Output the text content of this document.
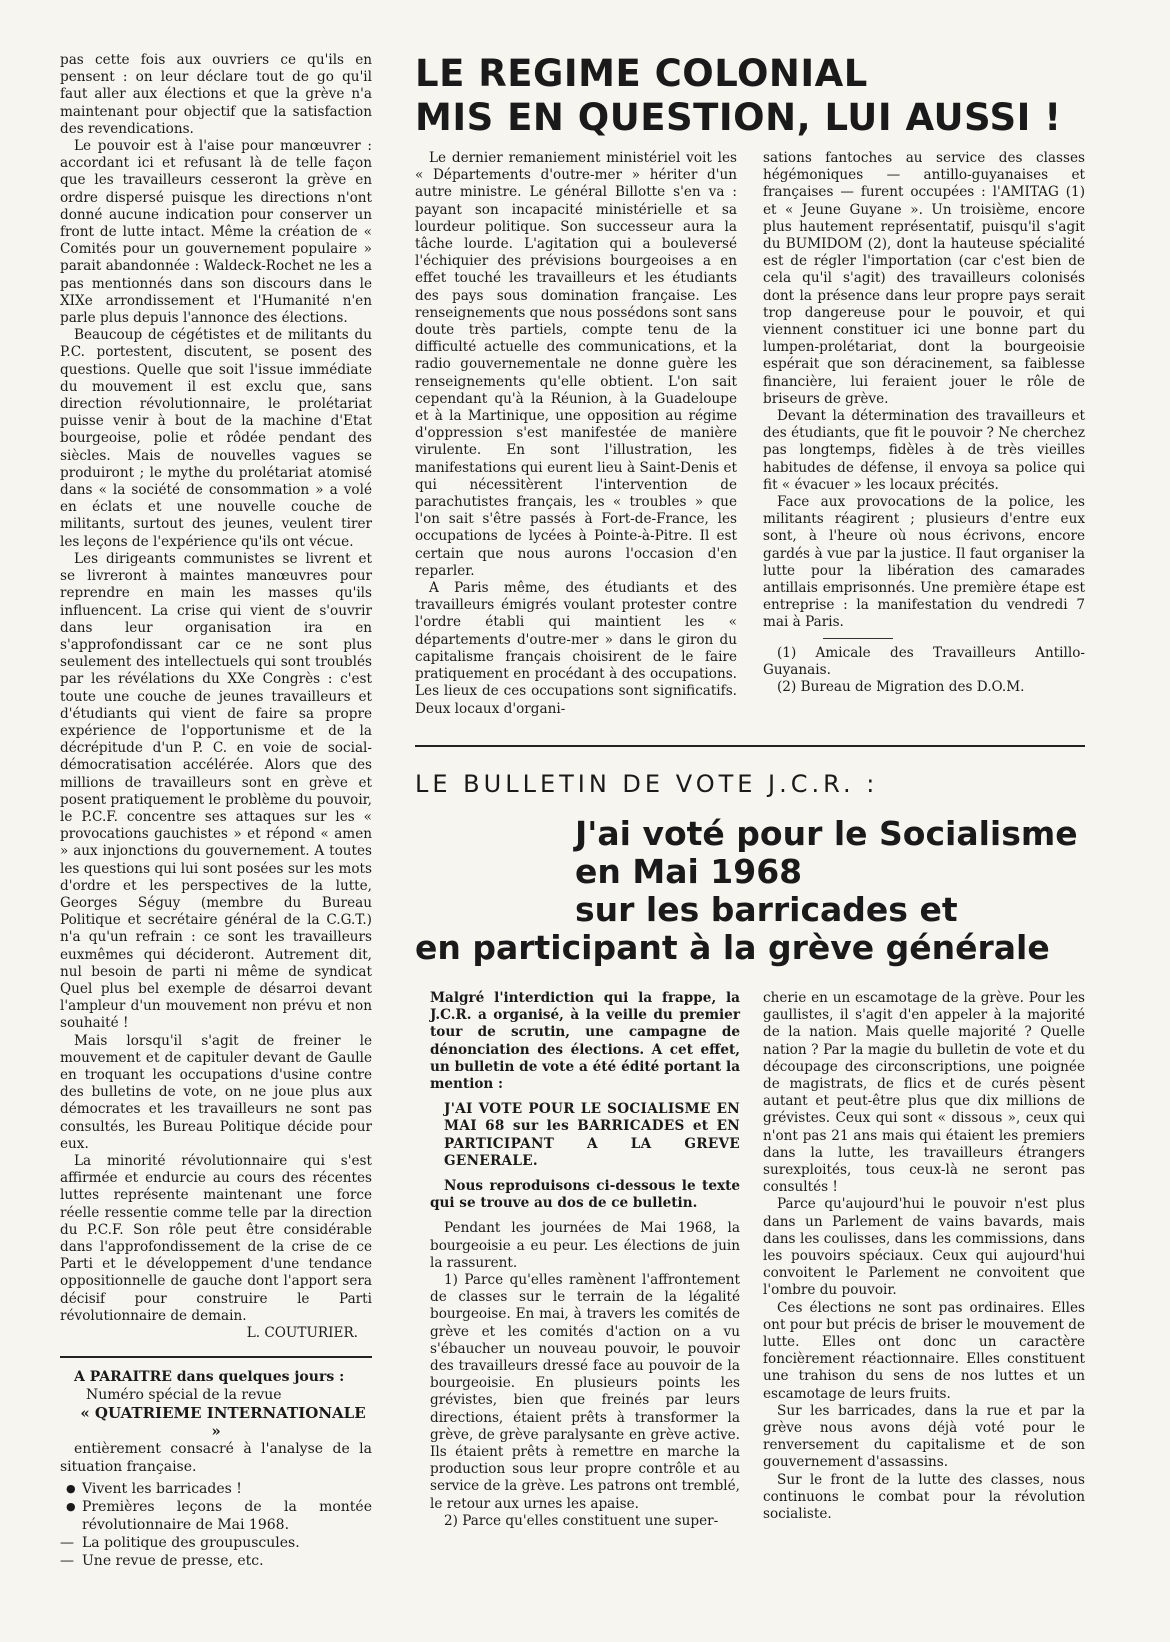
pas cette fois aux ouvriers ce qu'ils en pensent : on leur déclare tout de go qu'il faut aller aux élections et que la grève n'a maintenant pour objectif que la satisfaction des revendications.

Le pouvoir est à l'aise pour manœuvrer : accordant ici et refusant là de telle façon que les travailleurs cesseront la grève en ordre dispersé puisque les directions n'ont donné aucune indication pour conserver un front de lutte intact. Même la création de « Comités pour un gouvernement populaire » parait abandonnée : Waldeck-Rochet ne les a pas mentionnés dans son discours dans le XIXe arrondissement et l'Humanité n'en parle plus depuis l'annonce des élections.

Beaucoup de cégétistes et de militants du P.C. portestent, discutent, se posent des questions. Quelle que soit l'issue immédiate du mouvement il est exclu que, sans direction révolutionnaire, le prolétariat puisse venir à bout de la machine d'Etat bourgeoise, polie et rôdée pendant des siècles. Mais de nouvelles vagues se produiront ; le mythe du prolétariat atomisé dans « la société de consommation » a volé en éclats et une nouvelle couche de militants, surtout des jeunes, veulent tirer les leçons de l'expérience qu'ils ont vécue.

Les dirigeants communistes se livrent et se livreront à maintes manœuvres pour reprendre en main les masses qu'ils influencent. La crise qui vient de s'ouvrir dans leur organisation ira en s'approfondissant car ce ne sont plus seulement des intellectuels qui sont troublés par les révélations du XXe Congrès : c'est toute une couche de jeunes travailleurs et d'étudiants qui vient de faire sa propre expérience de l'opportunisme et de la décrépitude d'un P. C. en voie de social-démocratisation accélérée. Alors que des millions de travailleurs sont en grève et posent pratiquement le problème du pouvoir, le P.C.F. concentre ses attaques sur les « provocations gauchistes » et répond « amen » aux injonctions du gouvernement. A toutes les questions qui lui sont posées sur les mots d'ordre et les perspectives de la lutte, Georges Séguy (membre du Bureau Politique et secrétaire général de la C.G.T.) n'a qu'un refrain : ce sont les travailleurs euxmêmes qui décideront. Autrement dit, nul besoin de parti ni même de syndicat Quel plus bel exemple de désarroi devant l'ampleur d'un mouvement non prévu et non souhaité !

Mais lorsqu'il s'agit de freiner le mouvement et de capituler devant de Gaulle en troquant les occupations d'usine contre des bulletins de vote, on ne joue plus aux démocrates et les travailleurs ne sont pas consultés, les Bureau Politique décide pour eux.

La minorité révolutionnaire qui s'est affirmée et endurcie au cours des récentes luttes représente maintenant une force réelle ressentie comme telle par la direction du P.C.F. Son rôle peut être considérable dans l'approfondissement de la crise de ce Parti et le développement d'une tendance oppositionnelle de gauche dont l'apport sera décisif pour construire le Parti révolutionnaire de demain.

L. COUTURIER.

A PARAITRE dans quelques jours :

Numéro spécial de la revue

« QUATRIEME INTERNATIONALE »

entièrement consacré à l'analyse de la situation française.

● Vivent les barricades !
● Premières leçons de la montée révolutionnaire de Mai 1968.
— La politique des groupuscules.
— Une revue de presse, etc.
LE REGIME COLONIAL
MIS EN QUESTION, LUI AUSSI !

Le dernier remaniement ministériel voit les « Départements d'outre-mer » hériter d'un autre ministre. Le général Billotte s'en va : payant son incapacité ministérielle et sa lourdeur politique. Son successeur aura la tâche lourde. L'agitation qui a bouleversé l'échiquier des prévisions bourgeoises a en effet touché les travailleurs et les étudiants des pays sous domination française. Les renseignements que nous possédons sont sans doute très partiels, compte tenu de la difficulté actuelle des communications, et la radio gouvernementale ne donne guère les renseignements qu'elle obtient. L'on sait cependant qu'à la Réunion, à la Guadeloupe et à la Martinique, une opposition au régime d'oppression s'est manifestée de manière virulente. En sont l'illustration, les manifestations qui eurent lieu à Saint-Denis et qui nécessitèrent l'intervention de parachutistes français, les « troubles » que l'on sait s'être passés à Fort-de-France, les occupations de lycées à Pointe-à-Pitre. Il est certain que nous aurons l'occasion d'en reparler.

A Paris même, des étudiants et des travailleurs émigrés voulant protester contre l'ordre établi qui maintient les « départements d'outre-mer » dans le giron du capitalisme français choisirent de le faire pratiquement en procédant à des occupations. Les lieux de ces occupations sont significatifs. Deux locaux d'organi-

sations fantoches au service des classes hégémoniques — antillo-guyanaises et françaises — furent occupées : l'AMITAG (1) et « Jeune Guyane ». Un troisième, encore plus hautement représentatif, puisqu'il s'agit du BUMIDOM (2), dont la hauteuse spécialité est de régler l'importation (car c'est bien de cela qu'il s'agit) des travailleurs colonisés dont la présence dans leur propre pays serait trop dangereuse pour le pouvoir, et qui viennent constituer ici une bonne part du lumpen-prolétariat, dont la bourgeoisie espérait que son déracinement, sa faiblesse financière, lui feraient jouer le rôle de briseurs de grève.

Devant la détermination des travailleurs et des étudiants, que fit le pouvoir ? Ne cherchez pas longtemps, fidèles à de très vieilles habitudes de défense, il envoya sa police qui fit « évacuer » les locaux précités.

Face aux provocations de la police, les militants réagirent ; plusieurs d'entre eux sont, à l'heure où nous écrivons, encore gardés à vue par la justice. Il faut organiser la lutte pour la libération des camarades antillais emprisonnés. Une première étape est entreprise : la manifestation du vendredi 7 mai à Paris.

(1) Amicale des Travailleurs Antillo-Guyanais.

(2) Bureau de Migration des D.O.M.

LE BULLETIN DE VOTE J.C.R. :
J'ai voté pour le Socialisme
en Mai 1968
sur les barricades et
en participant à la grève générale

Malgré l'interdiction qui la frappe, la J.C.R. a organisé, à la veille du premier tour de scrutin, une campagne de dénonciation des élections. A cet effet, un bulletin de vote a été édité portant la mention :

J'AI VOTE POUR LE SOCIALISME EN MAI 68 sur les BARRICADES et EN PARTICIPANT A LA GREVE GENERALE.

Nous reproduisons ci-dessous le texte qui se trouve au dos de ce bulletin.

Pendant les journées de Mai 1968, la bourgeoisie a eu peur. Les élections de juin la rassurent.

1) Parce qu'elles ramènent l'affrontement de classes sur le terrain de la légalité bourgeoise. En mai, à travers les comités de grève et les comités d'action on a vu s'ébaucher un nouveau pouvoir, le pouvoir des travailleurs dressé face au pouvoir de la bourgeoisie. En plusieurs points les grévistes, bien que freinés par leurs directions, étaient prêts à transformer la grève, de grève paralysante en grève active. Ils étaient prêts à remettre en marche la production sous leur propre contrôle et au service de la grève. Les patrons ont tremblé, le retour aux urnes les apaise.

2) Parce qu'elles constituent une super-

cherie en un escamotage de la grève. Pour les gaullistes, il s'agit d'en appeler à la majorité de la nation. Mais quelle majorité ? Quelle nation ? Par la magie du bulletin de vote et du découpage des circonscriptions, une poignée de magistrats, de flics et de curés pèsent autant et peut-être plus que dix millions de grévistes. Ceux qui sont « dissous », ceux qui n'ont pas 21 ans mais qui étaient les premiers dans la lutte, les travailleurs étrangers surexploités, tous ceux-là ne seront pas consultés !

Parce qu'aujourd'hui le pouvoir n'est plus dans un Parlement de vains bavards, mais dans les coulisses, dans les commissions, dans les pouvoirs spéciaux. Ceux qui aujourd'hui convoitent le Parlement ne convoitent que l'ombre du pouvoir.

Ces élections ne sont pas ordinaires. Elles ont pour but précis de briser le mouvement de lutte. Elles ont donc un caractère foncièrement réactionnaire. Elles constituent une trahison du sens de nos luttes et un escamotage de leurs fruits.

Sur les barricades, dans la rue et par la grève nous avons déjà voté pour le renversement du capitalisme et de son gouvernement d'assassins.

Sur le front de la lutte des classes, nous continuons le combat pour la révolution socialiste.
